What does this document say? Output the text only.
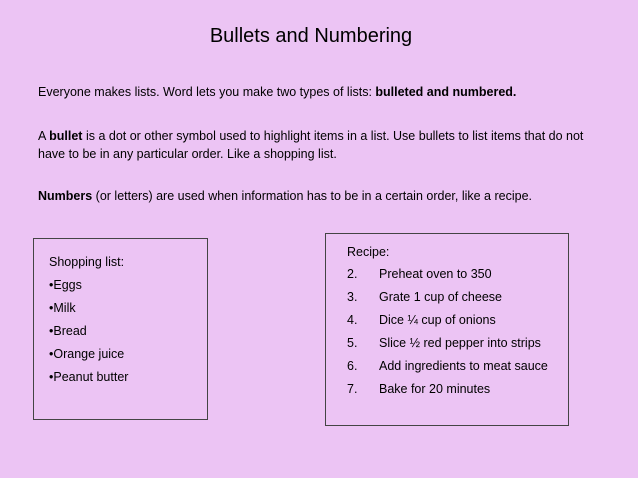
Bullets and Numbering

Everyone makes lists. Word lets you make two types of lists: bulleted and numbered.

A bullet is a dot or other symbol used to highlight items in a list. Use bullets to list items that do not have to be in any particular order. Like a shopping list.

Numbers (or letters) are used when information has to be in a certain order, like a recipe.

Shopping list:
•Eggs
•Milk
•Bread
•Orange juice
•Peanut butter
Recipe:
2. Preheat oven to 350
3. Grate 1 cup of cheese
4. Dice ¼ cup of onions
5. Slice ½ red pepper into strips
6. Add ingredients to meat sauce
7. Bake for 20 minutes
